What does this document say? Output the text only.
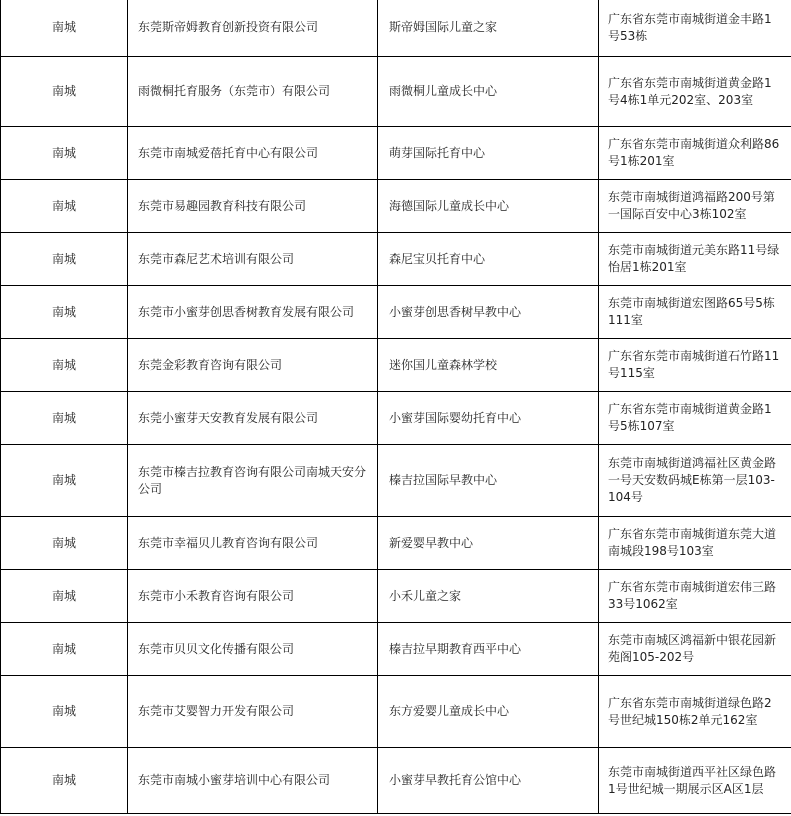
南城	东莞斯帝姆教育创新投资有限公司	斯帝姆国际儿童之家	广东省东莞市南城街道金丰路1号53栋
南城	雨微桐托育服务（东莞市）有限公司	雨微桐儿童成长中心	广东省东莞市南城街道黄金路1号4栋1单元202室、203室
南城	东莞市南城爱蓓托育中心有限公司	萌芽国际托育中心	广东省东莞市南城街道众利路86号1栋201室
南城	东莞市易趣园教育科技有限公司	海德国际儿童成长中心	东莞市南城街道鸿福路200号第一国际百安中心3栋102室
南城	东莞市森尼艺术培训有限公司	森尼宝贝托育中心	东莞市南城街道元美东路11号绿怡居1栋201室
南城	东莞市小蜜芽创思香树教育发展有限公司	小蜜芽创思香树早教中心	东莞市南城街道宏图路65号5栋111室
南城	东莞金彩教育咨询有限公司	迷你国儿童森林学校	广东省东莞市南城街道石竹路11号115室
南城	东莞小蜜芽天安教育发展有限公司	小蜜芽国际婴幼托育中心	广东省东莞市南城街道黄金路1号5栋107室
南城	东莞市榛吉拉教育咨询有限公司南城天安分公司	榛吉拉国际早教中心	东莞市南城街道鸿福社区黄金路一号天安数码城E栋第一层103-104号
南城	东莞市幸福贝儿教育咨询有限公司	新爱婴早教中心	广东省东莞市南城街道东莞大道南城段198号103室
南城	东莞市小禾教育咨询有限公司	小禾儿童之家	广东省东莞市南城街道宏伟三路33号1062室
南城	东莞市贝贝文化传播有限公司	榛吉拉早期教育西平中心	东莞市南城区鸿福新中银花园新苑阁105-202号
南城	东莞市艾婴智力开发有限公司	东方爱婴儿童成长中心	广东省东莞市南城街道绿色路2号世纪城150栋2单元162室
南城	东莞市南城小蜜芽培训中心有限公司	小蜜芽早教托育公馆中心	东莞市南城街道西平社区绿色路1号世纪城一期展示区A区1层
